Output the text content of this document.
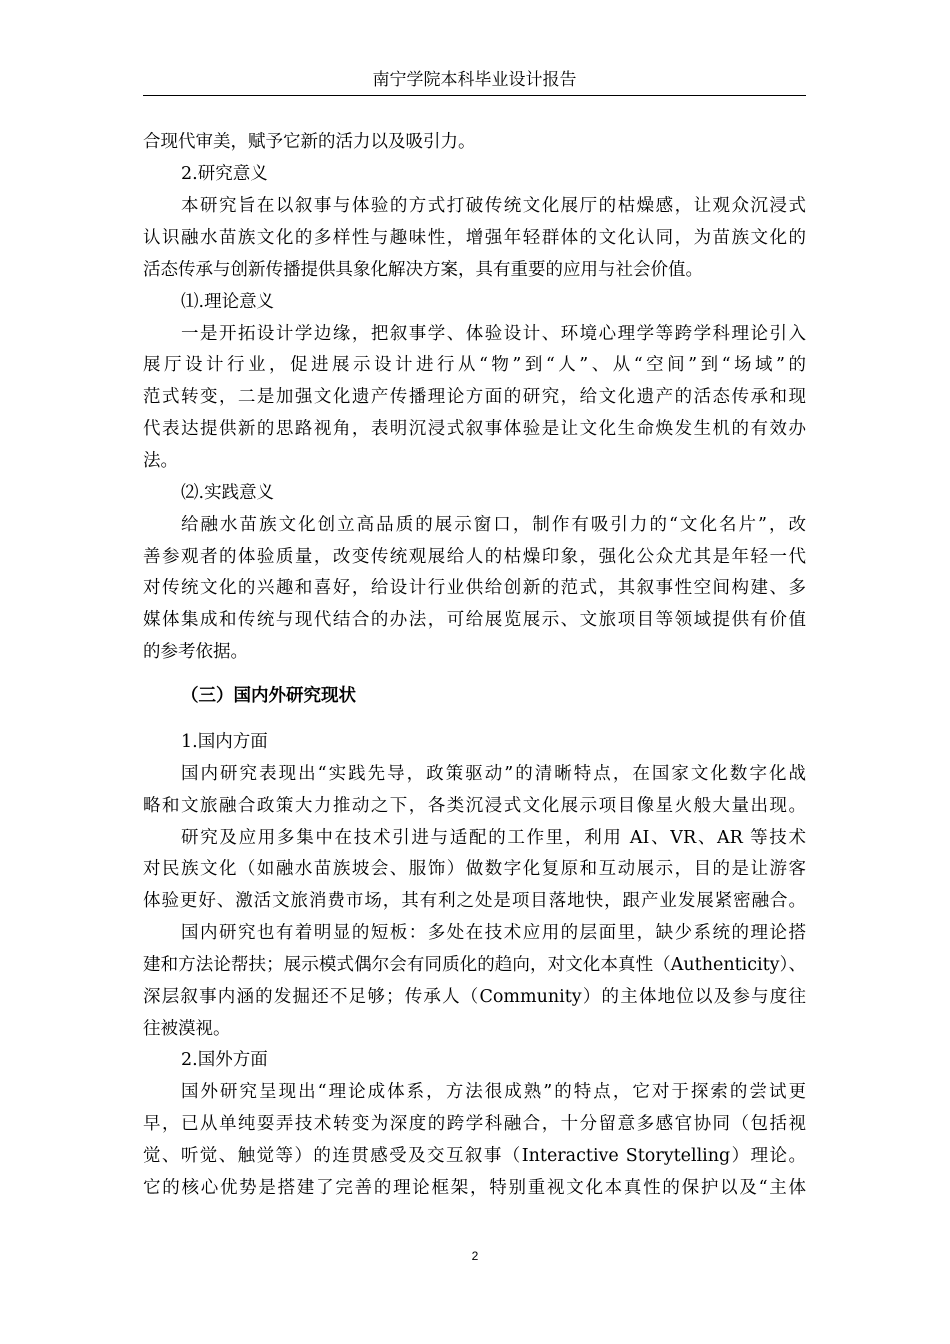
南宁学院本科毕业设计报告
合现代审美，赋予它新的活力以及吸引力。
2.研究意义
本研究旨在以叙事与体验的方式打破传统文化展厅的枯燥感，让观众沉浸式
认识融水苗族文化的多样性与趣味性，增强年轻群体的文化认同，为苗族文化的
活态传承与创新传播提供具象化解决方案，具有重要的应用与社会价值。
⑴.理论意义
一是开拓设计学边缘，把叙事学、体验设计、环境心理学等跨学科理论引入
展厅设计行业，促进展示设计进行从“物”到“人”、从“空间”到“场域”的
范式转变，二是加强文化遗产传播理论方面的研究，给文化遗产的活态传承和现
代表达提供新的思路视角，表明沉浸式叙事体验是让文化生命焕发生机的有效办
法。
⑵.实践意义
给融水苗族文化创立高品质的展示窗口，制作有吸引力的“文化名片”，改
善参观者的体验质量，改变传统观展给人的枯燥印象，强化公众尤其是年轻一代
对传统文化的兴趣和喜好，给设计行业供给创新的范式，其叙事性空间构建、多
媒体集成和传统与现代结合的办法，可给展览展示、文旅项目等领域提供有价值
的参考依据。
（三）国内外研究现状
1.国内方面
国内研究表现出“实践先导，政策驱动”的清晰特点，在国家文化数字化战
略和文旅融合政策大力推动之下，各类沉浸式文化展示项目像星火般大量出现。
研究及应用多集中在技术引进与适配的工作里，利用 AI、VR、AR 等技术
对民族文化（如融水苗族坡会、服饰）做数字化复原和互动展示，目的是让游客
体验更好、激活文旅消费市场，其有利之处是项目落地快，跟产业发展紧密融合。
国内研究也有着明显的短板：多处在技术应用的层面里，缺少系统的理论搭
建和方法论帮扶；展示模式偶尔会有同质化的趋向，对文化本真性（Authenticity）、
深层叙事内涵的发掘还不足够；传承人（Community）的主体地位以及参与度往
往被漠视。
2.国外方面
国外研究呈现出“理论成体系，方法很成熟”的特点，它对于探索的尝试更
早，已从单纯耍弄技术转变为深度的跨学科融合，十分留意多感官协同（包括视
觉、听觉、触觉等）的连贯感受及交互叙事（Interactive Storytelling）理论。
它的核心优势是搭建了完善的理论框架，特别重视文化本真性的保护以及“主体
2
